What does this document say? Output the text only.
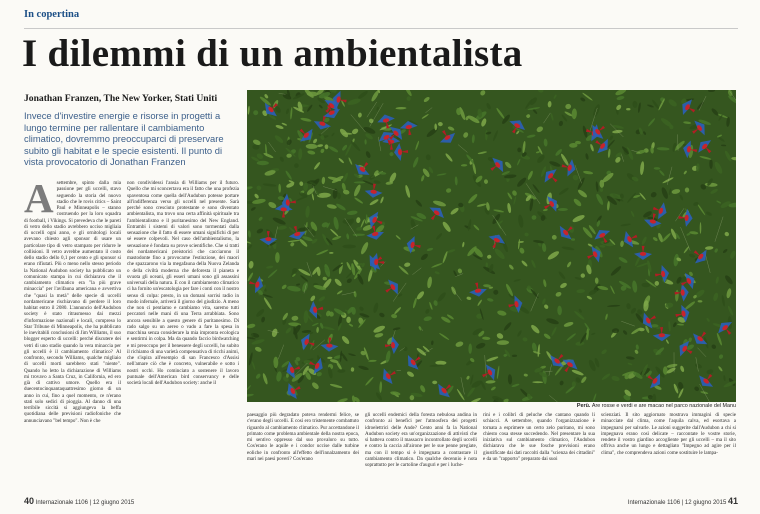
In copertina
I dilemmi di un ambientalista
Jonathan Franzen, The New Yorker, Stati Uniti
Invece d'investire energie e risorse in progetti a lungo termine per rallentare il cambiamento climatico, dovremmo preoccuparci di preservare subito gli habitat e le specie esistenti. Il punto di vista provocatorio di Jonathan Franzen
A settembre, spinto dalla mia passione per gli uccelli, stavo seguendo la storia del nuovo stadio che le rovis citics – Saint Paul e Minneapolis – stanno costruendo per la loro squadra di football, i Vikings. Si prevedeva che le pareti di vetro dello stadio avrebbero ucciso migliaia di uccelli ogni anno, e gli ornitologi locali avevano chiesto agli sponsor di usare un particolare tipo di vetro stampato per ridurre le collisioni. Il vetro avrebbe aumentato il costo dello stadio dello 0,1 per cento e gli sponsor si erano rifiutati. Più o meno nello stesso periodo la National Audubon society ha pubblicato un comunicato stampa in cui dichiarava che il cambiamento climatico era "la più grave minaccia" per l'avifauna americana e avvertiva che "quasi la metà" delle specie di uccelli nordamericane rischiavano di perdere il loro habitat entro il 2080. L'annuncio dell'Audubon society è stato ritrasmesso dai mezzi d'informazione nazionali e locali, compreso lo Star Tribune di Minneapolis, che ha pubblicato le inevitabili conclusioni di Jim Williams, il suo blogger esperto di uccelli: perché discutere dei vetri di uno stadio quando la vera minaccia per gli uccelli è il cambiamento climatico? Al confronto, secondo Williams, qualche migliaio di uccelli morti sarebbero stati "niente". Quando ho letto la dichiarazione di Williams mi trovavo a Santa Cruz, in California, ed ero già di cattivo umore. Quello era il duecentocinquantaquattresimo giorno di un anno in cui, fino a quel momento, ce n'erano stati solo sedici di pioggia. Al danno di una terribile siccità si aggiungeva la beffa quotidiana delle previsioni radiofoniche che annunciavano "bel tempo". Non è che
non condividessi l'ansia di Williams per il futuro. Quello che mi sconcertava era il fatto che una profezia spaventosa come quella dell'Audubon potesse portare all'indifferenza verso gli uccelli nel presente. Sarà perché sono cresciuto protestante e sono diventato ambientalista, ma trovo una certa affinità spirituale tra l'ambientalismo e il puritanesimo del New England. Entrambi i sistemi di valori sono tormentati dalla sensazione che il fatto di essere umani significhi di per sé essere colpevoli. Nel caso dell'ambientalismo, la sensazione è fondata su prove scientifiche. Che si tratti dei nordamericani preistorici che cacciarono il mastodonte fino a provocarne l'estinzione, dei maori che spazzarono via la megafauna della Nuova Zelanda o della civiltà moderna che deforesta il pianeta e svuota gli oceani, gli esseri umani sono gli assassini universali della natura. E con il cambiamento climatico ci ha fornito un'escatologia per fare i conti con il nostro senso di colpa: presto, in un domani sorrisi radio in modo infernale, arriverà il giorno del giudizio. A meno che non ci pentiamo e cambiamo vita, saremo tutti peccatori nelle mani di una Terra arrabbiata. Sono ancora sensibile a questo genere di puritanesimo. Di rado salgo su un aereo o vado a fare la spesa in macchina senza considerare la mia impronta ecologica e sentirmi in colpa. Ma da quando faccio birdwatching e mi preoccupo per il benessere degli uccelli, ho subito il richiamo di una varietà compensativa di ricchi animi, che s'ispira all'esempio di san Francesco d'Assisi nell'amare ciò che è concreto, vulnerabile e sotto i nostri occhi. Ho cominciato a sostenere il lavoro puntuale dell'American bird conservancy e delle società locali dell'Audubon society: anche il
Perù. Are rosse e verdi e are macao nel parco nazionale del Manu
paesaggio più degradato poteva rendermi felice, se c'erano degli uccelli. E così ero tristemente combattuto riguardo al cambiamento climatico. Pur accettandone il primato come problema ambientale della nostra epoca, mi sentivo oppresso dal suo provaloro su tutto. Cos'erano le aquile e i condor uccise dalle turbine eoliche in confronto all'effetto dell'innalzamento dei mari nei paesi poveri? Cos'erano
gli uccelli endemici della foresta nebulosa andina in confronto ai benefici per l'atmosfera dei progetti idroelettrici delle Ande? Cento anni fa la National Audubon society era un'organizzazione di attivisti che si batteva contro il massacro incontrollato degli uccelli e contro la caccia all'airone per le sue penne pregiate, ma con il tempo si è impegnata a contrastare il cambiamento climatico. Da qualche decennio è nota soprattutto per le cartoline d'auguri e per i luche-
rini e i colibrì di peluche che cantano quando li schiacci. A settembre, quando l'organizzazione è tornata a esprimere un certo zelo puritano, mi sono chiesto cosa stesse succedendo. Nel presentare la sua iniziativa sul cambiamento climatico, l'Audubon dichiarava che le sue fosche previsioni erano giustificate dai dati raccolti dalla "scienza dei cittadini" e da un "rapporto" preparato dai suoi
scienziati. Il sito aggiornato mostrava immagini di specie minacciate dal clima, come l'aquila calva, ed esortava a impegnarsi per salvarle. Le azioni suggerite dall'Audubon a chi si impegnava erano così delicate – raccontate le vostre storie, rendete il vostro giardino accogliente per gli uccelli – ma il sito offriva anche un lungo e dettagliato "Impegno ad agire per il clima", che comprendeva azioni come sostituire le lampa-
40 Internazionale 1106 | 12 giugno 2015	Internazionale 1106 | 12 giugno 2015 41
